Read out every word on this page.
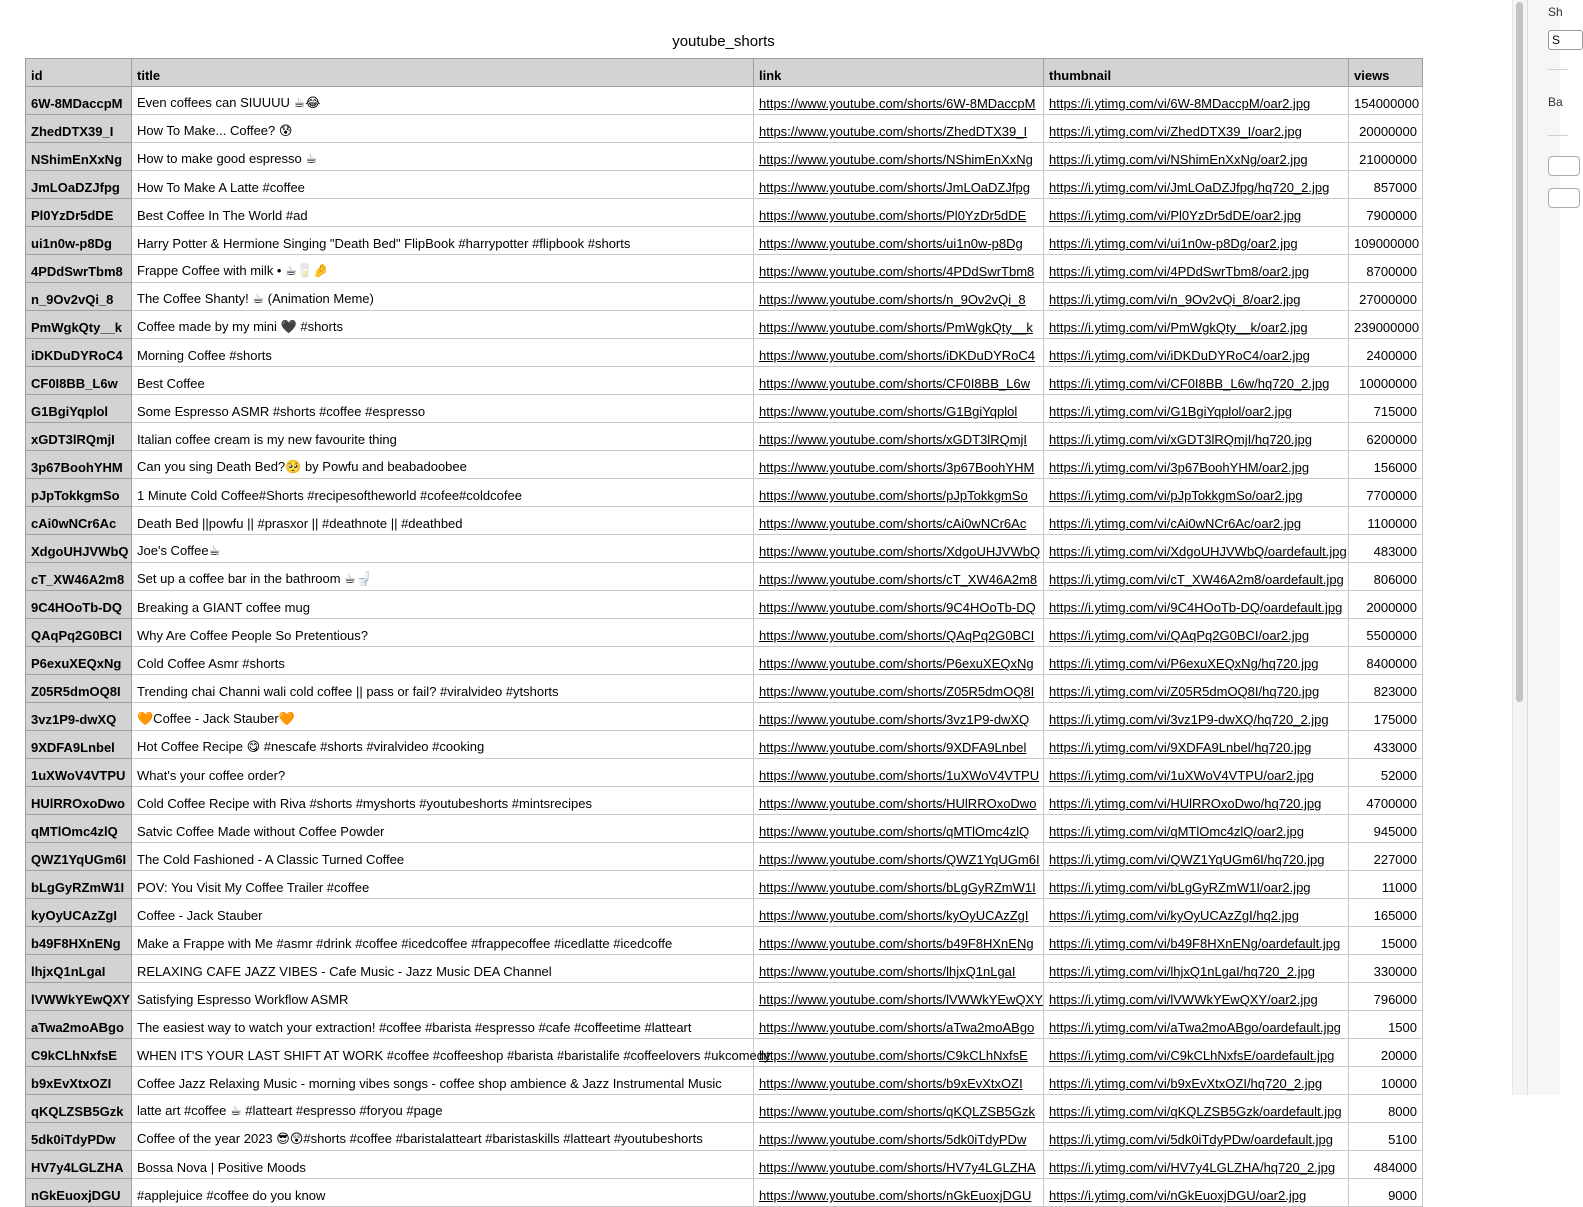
youtube_shorts
id	title	link	thumbnail	views
6W-8MDaccpM	Even coffees can SIUUUU ☕😂	https://www.youtube.com/shorts/6W-8MDaccpM	https://i.ytimg.com/vi/6W-8MDaccpM/oar2.jpg	154000000
ZhedDTX39_I	How To Make... Coffee? 😰	https://www.youtube.com/shorts/ZhedDTX39_I	https://i.ytimg.com/vi/ZhedDTX39_I/oar2.jpg	20000000
NShimEnXxNg	How to make good espresso ☕	https://www.youtube.com/shorts/NShimEnXxNg	https://i.ytimg.com/vi/NShimEnXxNg/oar2.jpg	21000000
JmLOaDZJfpg	How To Make A Latte #coffee	https://www.youtube.com/shorts/JmLOaDZJfpg	https://i.ytimg.com/vi/JmLOaDZJfpg/hq720_2.jpg	857000
Pl0YzDr5dDE	Best Coffee In The World #ad	https://www.youtube.com/shorts/Pl0YzDr5dDE	https://i.ytimg.com/vi/Pl0YzDr5dDE/oar2.jpg	7900000
ui1n0w-p8Dg	Harry Potter & Hermione Singing "Death Bed" FlipBook #harrypotter #flipbook #shorts	https://www.youtube.com/shorts/ui1n0w-p8Dg	https://i.ytimg.com/vi/ui1n0w-p8Dg/oar2.jpg	109000000
4PDdSwrTbm8	Frappe Coffee with milk • ☕🥛🤌	https://www.youtube.com/shorts/4PDdSwrTbm8	https://i.ytimg.com/vi/4PDdSwrTbm8/oar2.jpg	8700000
n_9Ov2vQi_8	The Coffee Shanty! ☕ (Animation Meme)	https://www.youtube.com/shorts/n_9Ov2vQi_8	https://i.ytimg.com/vi/n_9Ov2vQi_8/oar2.jpg	27000000
PmWgkQty__k	Coffee made by my mini 🖤 #shorts	https://www.youtube.com/shorts/PmWgkQty__k	https://i.ytimg.com/vi/PmWgkQty__k/oar2.jpg	239000000
iDKDuDYRoC4	Morning Coffee #shorts	https://www.youtube.com/shorts/iDKDuDYRoC4	https://i.ytimg.com/vi/iDKDuDYRoC4/oar2.jpg	2400000
CF0I8BB_L6w	Best Coffee	https://www.youtube.com/shorts/CF0I8BB_L6w	https://i.ytimg.com/vi/CF0I8BB_L6w/hq720_2.jpg	10000000
G1BgiYqplol	Some Espresso ASMR #shorts #coffee #espresso	https://www.youtube.com/shorts/G1BgiYqplol	https://i.ytimg.com/vi/G1BgiYqplol/oar2.jpg	715000
xGDT3lRQmjI	Italian coffee cream is my new favourite thing	https://www.youtube.com/shorts/xGDT3lRQmjI	https://i.ytimg.com/vi/xGDT3lRQmjI/hq720.jpg	6200000
3p67BoohYHM	Can you sing Death Bed?🥺 by Powfu and beabadoobee	https://www.youtube.com/shorts/3p67BoohYHM	https://i.ytimg.com/vi/3p67BoohYHM/oar2.jpg	156000
pJpTokkgmSo	1 Minute Cold Coffee#Shorts #recipesoftheworld #cofee#coldcofee	https://www.youtube.com/shorts/pJpTokkgmSo	https://i.ytimg.com/vi/pJpTokkgmSo/oar2.jpg	7700000
cAi0wNCr6Ac	Death Bed ||powfu || #prasxor || #deathnote || #deathbed	https://www.youtube.com/shorts/cAi0wNCr6Ac	https://i.ytimg.com/vi/cAi0wNCr6Ac/oar2.jpg	1100000
XdgoUHJVWbQ	Joe's Coffee☕	https://www.youtube.com/shorts/XdgoUHJVWbQ	https://i.ytimg.com/vi/XdgoUHJVWbQ/oardefault.jpg	483000
cT_XW46A2m8	Set up a coffee bar in the bathroom ☕🚽	https://www.youtube.com/shorts/cT_XW46A2m8	https://i.ytimg.com/vi/cT_XW46A2m8/oardefault.jpg	806000
9C4HOoTb-DQ	Breaking a GIANT coffee mug	https://www.youtube.com/shorts/9C4HOoTb-DQ	https://i.ytimg.com/vi/9C4HOoTb-DQ/oardefault.jpg	2000000
QAqPq2G0BCI	Why Are Coffee People So Pretentious?	https://www.youtube.com/shorts/QAqPq2G0BCI	https://i.ytimg.com/vi/QAqPq2G0BCI/oar2.jpg	5500000
P6exuXEQxNg	Cold Coffee Asmr #shorts	https://www.youtube.com/shorts/P6exuXEQxNg	https://i.ytimg.com/vi/P6exuXEQxNg/hq720.jpg	8400000
Z05R5dmOQ8I	Trending chai Channi wali cold coffee || pass or fail? #viralvideo #ytshorts	https://www.youtube.com/shorts/Z05R5dmOQ8I	https://i.ytimg.com/vi/Z05R5dmOQ8I/hq720.jpg	823000
3vz1P9-dwXQ	🧡Coffee - Jack Stauber🧡	https://www.youtube.com/shorts/3vz1P9-dwXQ	https://i.ytimg.com/vi/3vz1P9-dwXQ/hq720_2.jpg	175000
9XDFA9Lnbel	Hot Coffee Recipe 😋 #nescafe #shorts #viralvideo #cooking	https://www.youtube.com/shorts/9XDFA9Lnbel	https://i.ytimg.com/vi/9XDFA9Lnbel/hq720.jpg	433000
1uXWoV4VTPU	What's your coffee order?	https://www.youtube.com/shorts/1uXWoV4VTPU	https://i.ytimg.com/vi/1uXWoV4VTPU/oar2.jpg	52000
HUlRROxoDwo	Cold Coffee Recipe with Riva #shorts #myshorts #youtubeshorts #mintsrecipes	https://www.youtube.com/shorts/HUlRROxoDwo	https://i.ytimg.com/vi/HUlRROxoDwo/hq720.jpg	4700000
qMTlOmc4zlQ	Satvic Coffee Made without Coffee Powder	https://www.youtube.com/shorts/qMTlOmc4zlQ	https://i.ytimg.com/vi/qMTlOmc4zlQ/oar2.jpg	945000
QWZ1YqUGm6I	The Cold Fashioned - A Classic Turned Coffee	https://www.youtube.com/shorts/QWZ1YqUGm6I	https://i.ytimg.com/vi/QWZ1YqUGm6I/hq720.jpg	227000
bLgGyRZmW1I	POV: You Visit My Coffee Trailer #coffee	https://www.youtube.com/shorts/bLgGyRZmW1I	https://i.ytimg.com/vi/bLgGyRZmW1I/oar2.jpg	11000
kyOyUCAzZgI	Coffee - Jack Stauber	https://www.youtube.com/shorts/kyOyUCAzZgI	https://i.ytimg.com/vi/kyOyUCAzZgI/hq2.jpg	165000
b49F8HXnENg	Make a Frappe with Me #asmr #drink #coffee #icedcoffee #frappecoffee #icedlatte #icedcoffe	https://www.youtube.com/shorts/b49F8HXnENg	https://i.ytimg.com/vi/b49F8HXnENg/oardefault.jpg	15000
lhjxQ1nLgaI	RELAXING CAFE JAZZ VIBES - Cafe Music - Jazz Music DEA Channel	https://www.youtube.com/shorts/lhjxQ1nLgaI	https://i.ytimg.com/vi/lhjxQ1nLgaI/hq720_2.jpg	330000
lVWWkYEwQXY	Satisfying Espresso Workflow ASMR	https://www.youtube.com/shorts/lVWWkYEwQXY	https://i.ytimg.com/vi/lVWWkYEwQXY/oar2.jpg	796000
aTwa2moABgo	The easiest way to watch your extraction! #coffee #barista #espresso #cafe #coffeetime #latteart	https://www.youtube.com/shorts/aTwa2moABgo	https://i.ytimg.com/vi/aTwa2moABgo/oardefault.jpg	1500
C9kCLhNxfsE	WHEN IT'S YOUR LAST SHIFT AT WORK #coffee #coffeeshop #barista #baristalife #coffeelovers #ukcomedy	https://www.youtube.com/shorts/C9kCLhNxfsE	https://i.ytimg.com/vi/C9kCLhNxfsE/oardefault.jpg	20000
b9xEvXtxOZI	Coffee Jazz Relaxing Music - morning vibes songs - coffee shop ambience & Jazz Instrumental Music	https://www.youtube.com/shorts/b9xEvXtxOZI	https://i.ytimg.com/vi/b9xEvXtxOZI/hq720_2.jpg	10000
qKQLZSB5Gzk	latte art #coffee ☕ #latteart #espresso #foryou #page	https://www.youtube.com/shorts/qKQLZSB5Gzk	https://i.ytimg.com/vi/qKQLZSB5Gzk/oardefault.jpg	8000
5dk0iTdyPDw	Coffee of the year 2023 😎😲#shorts #coffee #baristalatteart #baristaskills #latteart #youtubeshorts	https://www.youtube.com/shorts/5dk0iTdyPDw	https://i.ytimg.com/vi/5dk0iTdyPDw/oardefault.jpg	5100
HV7y4LGLZHA	Bossa Nova | Positive Moods	https://www.youtube.com/shorts/HV7y4LGLZHA	https://i.ytimg.com/vi/HV7y4LGLZHA/hq720_2.jpg	484000
nGkEuoxjDGU	#applejuice #coffee do you know	https://www.youtube.com/shorts/nGkEuoxjDGU	https://i.ytimg.com/vi/nGkEuoxjDGU/oar2.jpg	9000
Sh
S
Ba
